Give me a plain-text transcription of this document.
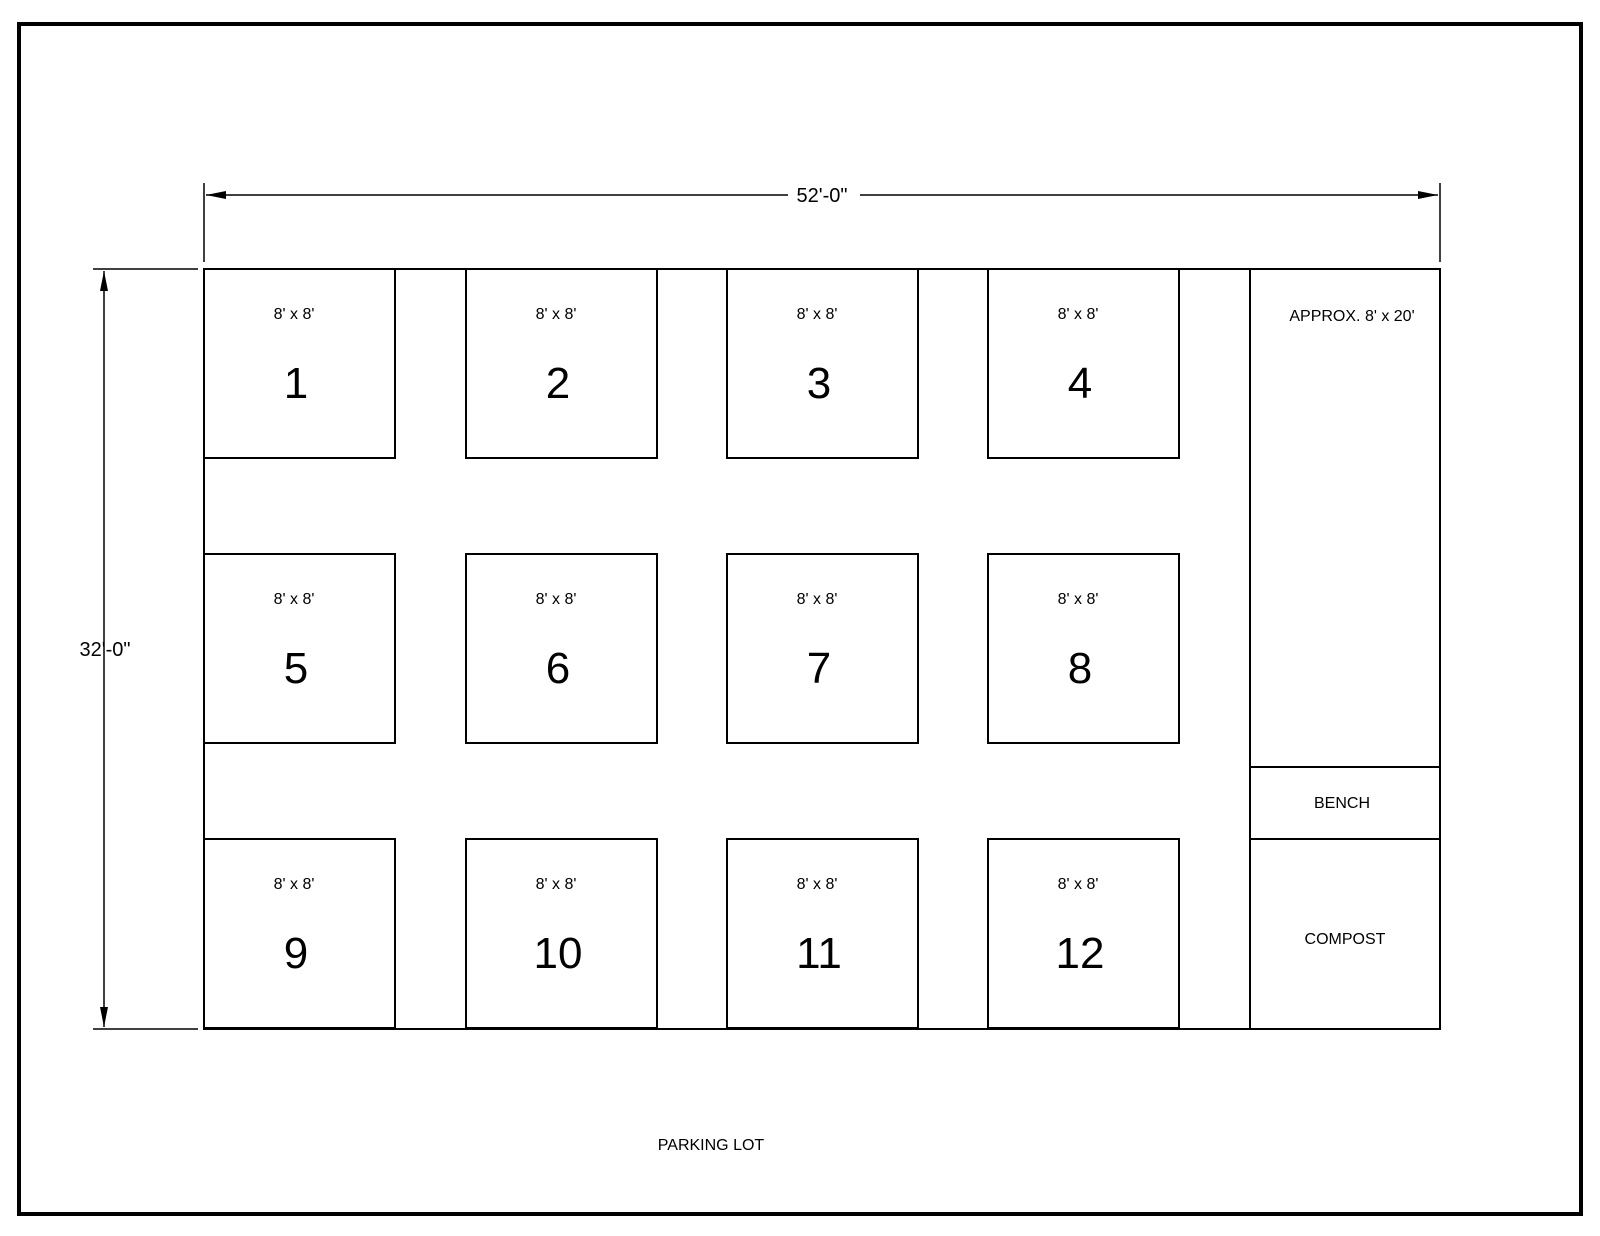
52'-0"
32'-0"
8' x 8'
1
8' x 8'
2
8' x 8'
3
8' x 8'
4
8' x 8'
5
8' x 8'
6
8' x 8'
7
8' x 8'
8
8' x 8'
9
8' x 8'
10
8' x 8'
11
8' x 8'
12
APPROX. 8' x 20'
BENCH
COMPOST
PARKING LOT
